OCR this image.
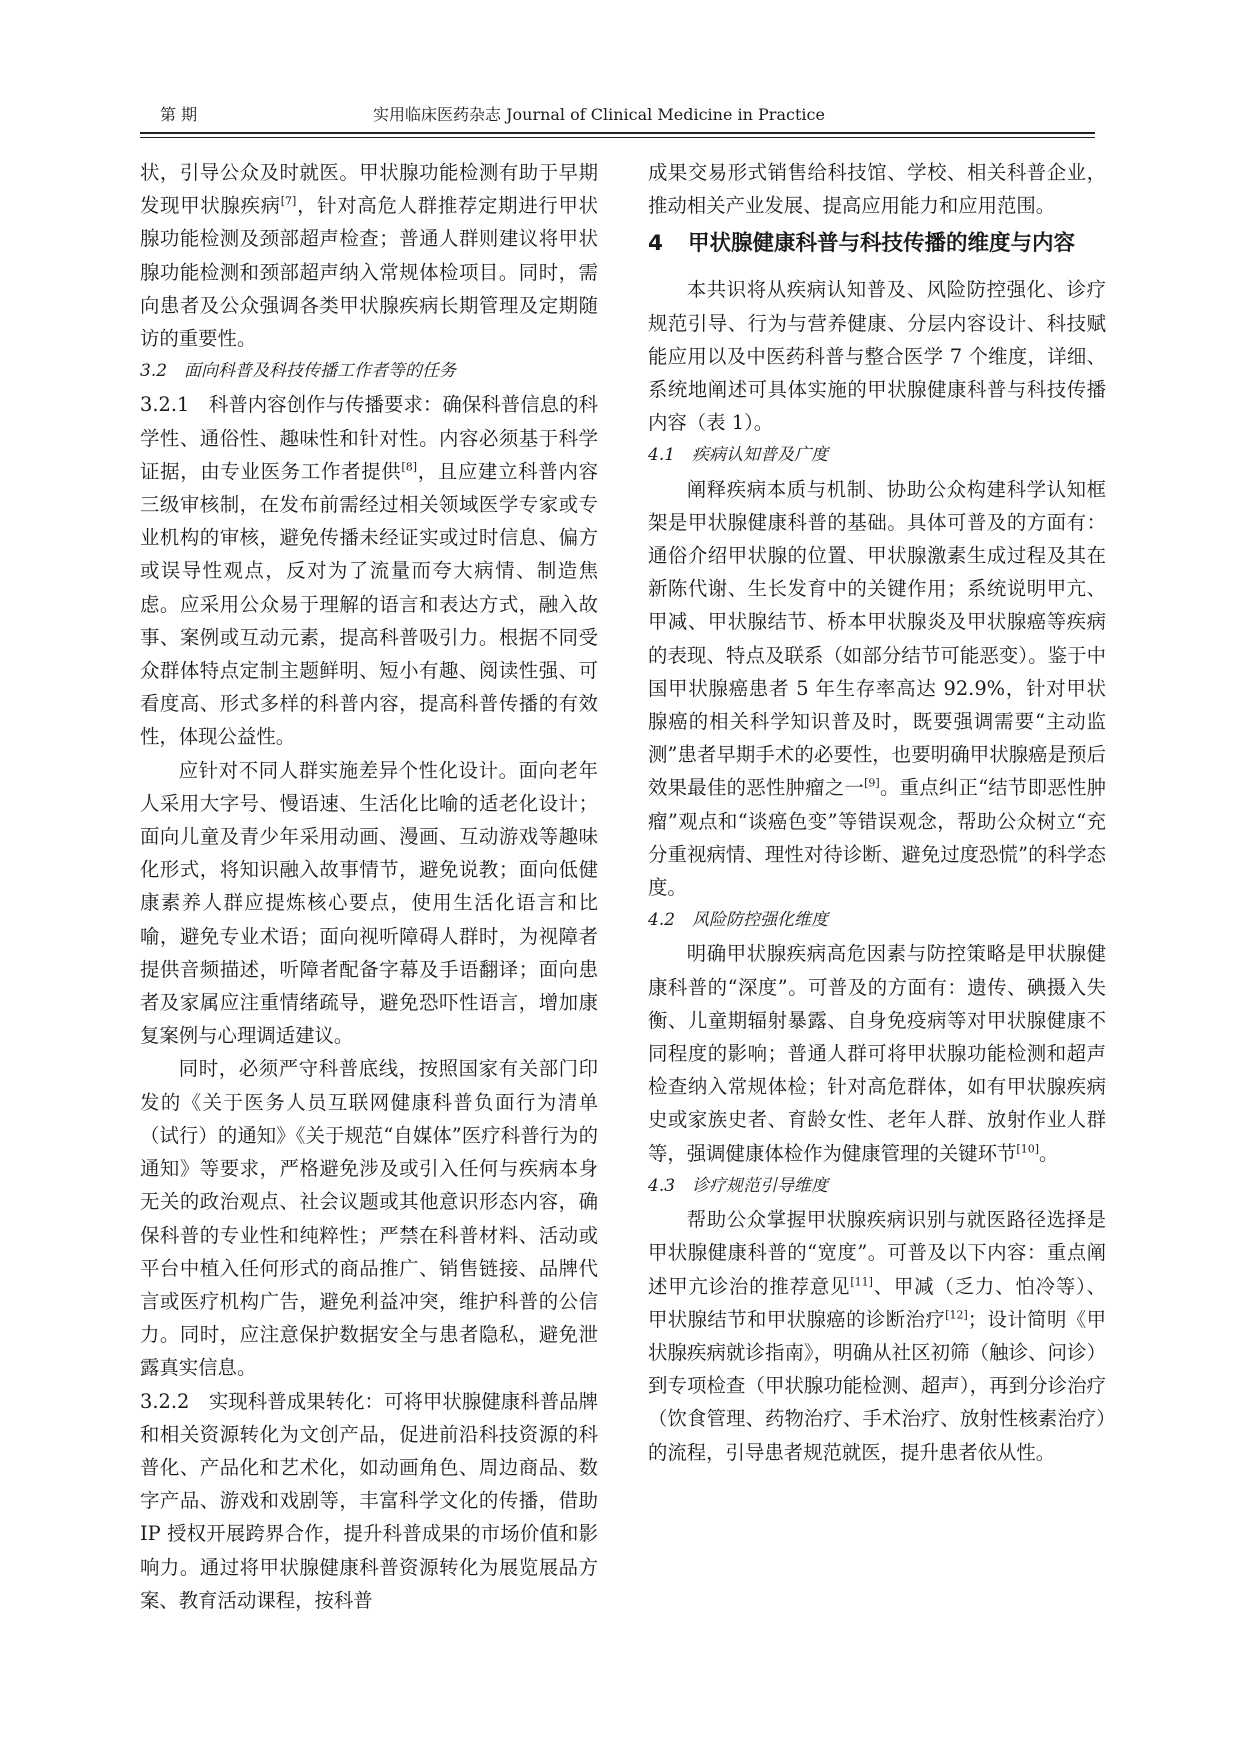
第 期	实用临床医药杂志 Journal of Clinical Medicine in Practice

状，引导公众及时就医。甲状腺功能检测有助于早期发现甲状腺疾病[7]，针对高危人群推荐定期进行甲状腺功能检测及颈部超声检查；普通人群则建议将甲状腺功能检测和颈部超声纳入常规体检项目。同时，需向患者及公众强调各类甲状腺疾病长期管理及定期随访的重要性。

3.2　面向科普及科技传播工作者等的任务

3.2.1　科普内容创作与传播要求：确保科普信息的科学性、通俗性、趣味性和针对性。内容必须基于科学证据，由专业医务工作者提供[8]，且应建立科普内容三级审核制，在发布前需经过相关领域医学专家或专业机构的审核，避免传播未经证实或过时信息、偏方或误导性观点，反对为了流量而夸大病情、制造焦虑。应采用公众易于理解的语言和表达方式，融入故事、案例或互动元素，提高科普吸引力。根据不同受众群体特点定制主题鲜明、短小有趣、阅读性强、可看度高、形式多样的科普内容，提高科普传播的有效性，体现公益性。

应针对不同人群实施差异个性化设计。面向老年人采用大字号、慢语速、生活化比喻的适老化设计；面向儿童及青少年采用动画、漫画、互动游戏等趣味化形式，将知识融入故事情节，避免说教；面向低健康素养人群应提炼核心要点，使用生活化语言和比喻，避免专业术语；面向视听障碍人群时，为视障者提供音频描述，听障者配备字幕及手语翻译；面向患者及家属应注重情绪疏导，避免恐吓性语言，增加康复案例与心理调适建议。

同时，必须严守科普底线，按照国家有关部门印发的《关于医务人员互联网健康科普负面行为清单（试行）的通知》《关于规范“自媒体”医疗科普行为的通知》等要求，严格避免涉及或引入任何与疾病本身无关的政治观点、社会议题或其他意识形态内容，确保科普的专业性和纯粹性；严禁在科普材料、活动或平台中植入任何形式的商品推广、销售链接、品牌代言或医疗机构广告，避免利益冲突，维护科普的公信力。同时，应注意保护数据安全与患者隐私，避免泄露真实信息。

3.2.2　实现科普成果转化：可将甲状腺健康科普品牌和相关资源转化为文创产品，促进前沿科技资源的科普化、产品化和艺术化，如动画角色、周边商品、数字产品、游戏和戏剧等，丰富科学文化的传播，借助 IP 授权开展跨界合作，提升科普成果的市场价值和影响力。通过将甲状腺健康科普资源转化为展览展品方案、教育活动课程，按科普

成果交易形式销售给科技馆、学校、相关科普企业，推动相关产业发展、提高应用能力和应用范围。

4 甲状腺健康科普与科技传播的维度与内容

本共识将从疾病认知普及、风险防控强化、诊疗规范引导、行为与营养健康、分层内容设计、科技赋能应用以及中医药科普与整合医学 7 个维度，详细、系统地阐述可具体实施的甲状腺健康科普与科技传播内容（表 1）。

4.1　疾病认知普及广度

阐释疾病本质与机制、协助公众构建科学认知框架是甲状腺健康科普的基础。具体可普及的方面有：通俗介绍甲状腺的位置、甲状腺激素生成过程及其在新陈代谢、生长发育中的关键作用；系统说明甲亢、甲减、甲状腺结节、桥本甲状腺炎及甲状腺癌等疾病的表现、特点及联系（如部分结节可能恶变）。鉴于中国甲状腺癌患者 5 年生存率高达 92.9%，针对甲状腺癌的相关科学知识普及时，既要强调需要“主动监测”患者早期手术的必要性，也要明确甲状腺癌是预后效果最佳的恶性肿瘤之一[9]。重点纠正“结节即恶性肿瘤”观点和“谈癌色变”等错误观念，帮助公众树立“充分重视病情、理性对待诊断、避免过度恐慌”的科学态度。

4.2　风险防控强化维度

明确甲状腺疾病高危因素与防控策略是甲状腺健康科普的“深度”。可普及的方面有：遗传、碘摄入失衡、儿童期辐射暴露、自身免疫病等对甲状腺健康不同程度的影响；普通人群可将甲状腺功能检测和超声检查纳入常规体检；针对高危群体，如有甲状腺疾病史或家族史者、育龄女性、老年人群、放射作业人群等，强调健康体检作为健康管理的关键环节[10]。

4.3　诊疗规范引导维度

帮助公众掌握甲状腺疾病识别与就医路径选择是甲状腺健康科普的“宽度”。可普及以下内容：重点阐述甲亢诊治的推荐意见[11]、甲减（乏力、怕冷等）、甲状腺结节和甲状腺癌的诊断治疗[12]；设计简明《甲状腺疾病就诊指南》，明确从社区初筛（触诊、问诊）到专项检查（甲状腺功能检测、超声），再到分诊治疗（饮食管理、药物治疗、手术治疗、放射性核素治疗）的流程，引导患者规范就医，提升患者依从性。
